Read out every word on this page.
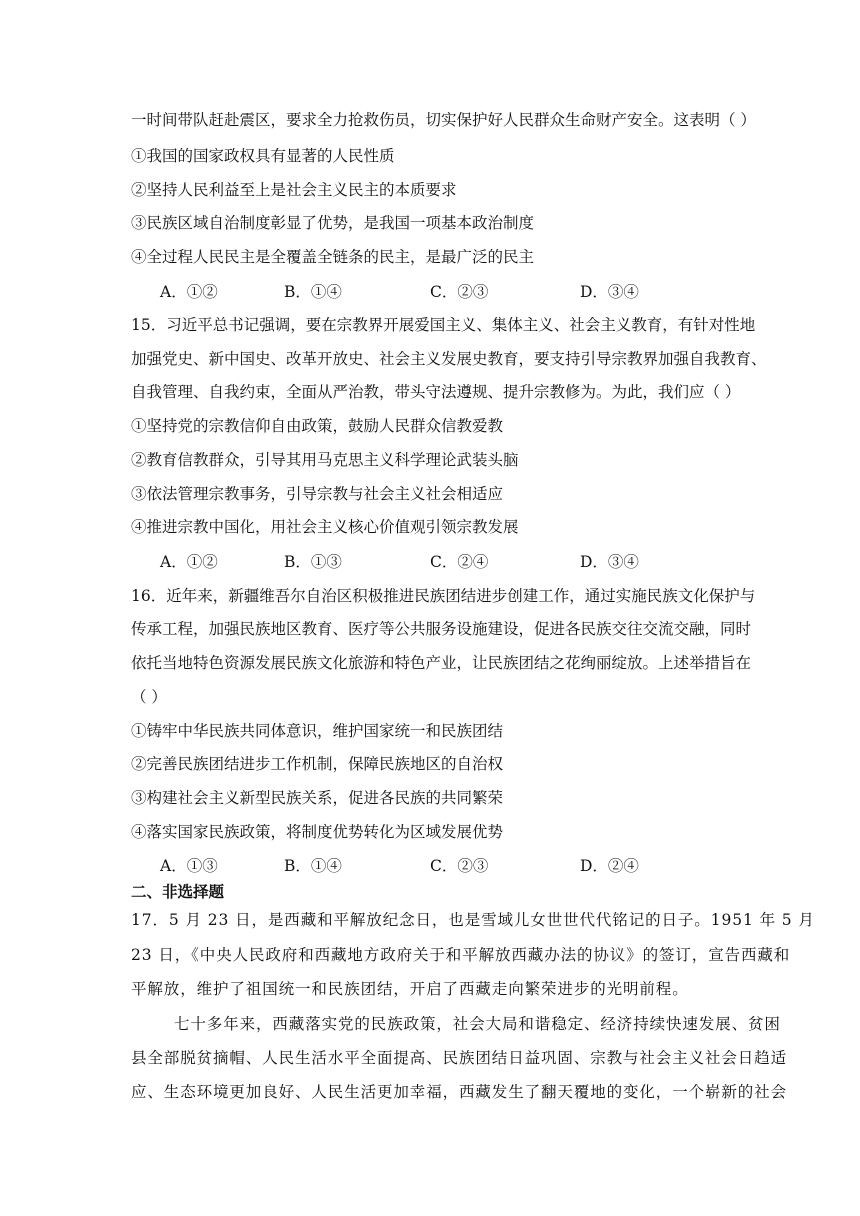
一时间带队赶赴震区，要求全力抢救伤员，切实保护好人民群众生命财产安全。这表明（ ）
①我国的国家政权具有显著的人民性质
②坚持人民利益至上是社会主义民主的本质要求
③民族区域自治制度彰显了优势，是我国一项基本政治制度
④全过程人民民主是全覆盖全链条的民主，是最广泛的民主
A．①②	B．①④	C．②③	D．③④
15．习近平总书记强调，要在宗教界开展爱国主义、集体主义、社会主义教育，有针对性地
加强党史、新中国史、改革开放史、社会主义发展史教育，要支持引导宗教界加强自我教育、
自我管理、自我约束，全面从严治教，带头守法遵规、提升宗教修为。为此，我们应（ ）
①坚持党的宗教信仰自由政策，鼓励人民群众信教爱教
②教育信教群众，引导其用马克思主义科学理论武装头脑
③依法管理宗教事务，引导宗教与社会主义社会相适应
④推进宗教中国化，用社会主义核心价值观引领宗教发展
A．①②	B．①③	C．②④	D．③④
16．近年来，新疆维吾尔自治区积极推进民族团结进步创建工作，通过实施民族文化保护与
传承工程，加强民族地区教育、医疗等公共服务设施建设，促进各民族交往交流交融，同时
依托当地特色资源发展民族文化旅游和特色产业，让民族团结之花绚丽绽放。上述举措旨在
（ ）
①铸牢中华民族共同体意识，维护国家统一和民族团结
②完善民族团结进步工作机制，保障民族地区的自治权
③构建社会主义新型民族关系，促进各民族的共同繁荣
④落实国家民族政策，将制度优势转化为区域发展优势
A．①③	B．①④	C．②③	D．②④
二、非选择题
17．5 月 23 日，是西藏和平解放纪念日，也是雪域儿女世世代代铭记的日子。1951 年 5 月
23 日，《中央人民政府和西藏地方政府关于和平解放西藏办法的协议》的签订，宣告西藏和
平解放，维护了祖国统一和民族团结，开启了西藏走向繁荣进步的光明前程。
七十多年来，西藏落实党的民族政策，社会大局和谐稳定、经济持续快速发展、贫困
县全部脱贫摘帽、人民生活水平全面提高、民族团结日益巩固、宗教与社会主义社会日趋适
应、生态环境更加良好、人民生活更加幸福，西藏发生了翻天覆地的变化，一个崭新的社会
